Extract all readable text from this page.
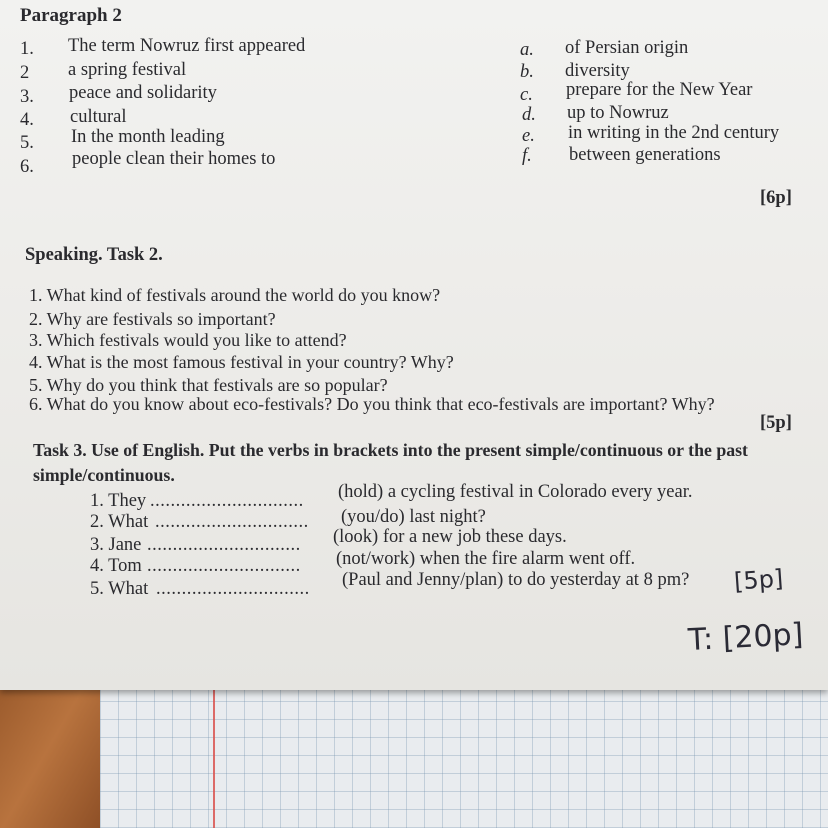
Paragraph 2
1. The term Nowruz first appeared
2 a spring festival
3. peace and solidarity
4. cultural
5. In the month leading
6. people clean their homes to
a. of Persian origin
b. diversity
c. prepare for the New Year
d. up to Nowruz
e. in writing in the 2nd century
f. between generations
[6p]
Speaking. Task 2.
1. What kind of festivals around the world do you know?
2. Why are festivals so important?
3. Which festivals would you like to attend?
4. What is the most famous festival in your country? Why?
5. Why do you think that festivals are so popular?
6. What do you know about eco-festivals? Do you think that eco-festivals are important? Why?
[5p]
Task 3. Use of English. Put the verbs in brackets into the present simple/continuous or the past
simple/continuous.
1. They ..............................	(hold) a cycling festival in Colorado every year.
2. What ..............................	(you/do) last night?
3. Jane ..............................	(look) for a new job these days.
4. Tom ..............................	(not/work) when the fire alarm went off.
5. What ..............................	(Paul and Jenny/plan) to do yesterday at 8 pm? [5p]
T: [20p]
